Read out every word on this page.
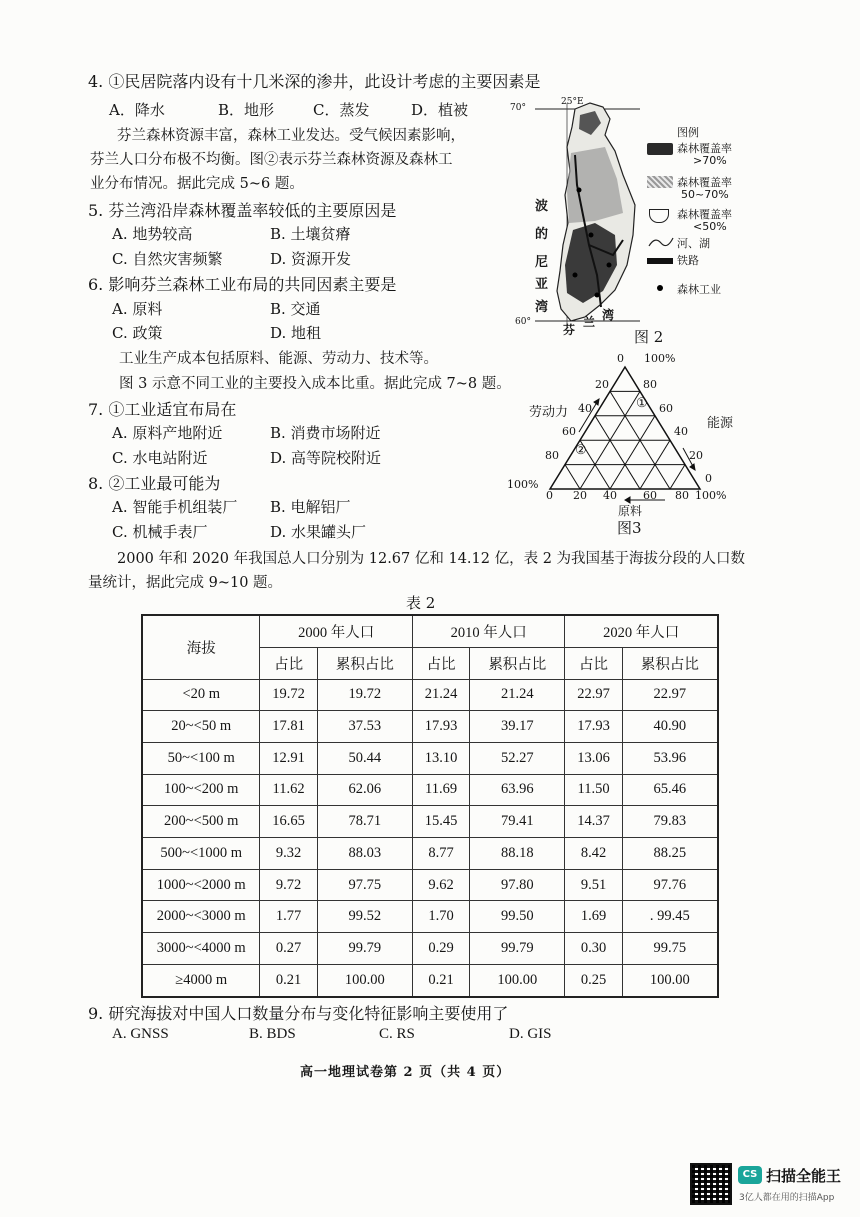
4. ①民居院落内设有十几米深的渗井，此设计考虑的主要因素是
A．降水	B．地形	C．蒸发	D．植被
芬兰森林资源丰富，森林工业发达。受气候因素影响，
芬兰人口分布极不均衡。图②表示芬兰森林资源及森林工
业分布情况。据此完成 5~6 题。
5. 芬兰湾沿岸森林覆盖率较低的主要原因是
A. 地势较高	B. 土壤贫瘠
C. 自然灾害频繁	D. 资源开发
6. 影响芬兰森林工业布局的共同因素主要是
A. 原料	B. 交通
C. 政策	D. 地租
工业生产成本包括原料、能源、劳动力、技术等。
图 3 示意不同工业的主要投入成本比重。据此完成 7~8 题。
7. ①工业适宜布局在
A. 原料产地附近	B. 消费市场附近
C. 水电站附近	D. 高等院校附近
8. ②工业最可能为
A. 智能手机组装厂 B. 电解铝厂
C. 机械手表厂	D. 水果罐头厂
2000 年和 2020 年我国总人口分别为 12.67 亿和 14.12 亿，表 2 为我国基于海拔分段的人口数
量统计，据此完成 9~10 题。
表 2
海拔	2000 年人口		2010 年人口		2020 年人口	
	占比	累积占比	占比	累积占比	占比	累积占比
<20 m	19.72	19.72	21.24	21.24	22.97	22.97
20~<50 m	17.81	37.53	17.93	39.17	17.93	40.90
50~<100 m	12.91	50.44	13.10	52.27	13.06	53.96
100~<200 m	11.62	62.06	11.69	63.96	11.50	65.46
200~<500 m	16.65	78.71	15.45	79.41	14.37	79.83
500~<1000 m	9.32	88.03	8.77	88.18	8.42	88.25
1000~<2000 m	9.72	97.75	9.62	97.80	9.51	97.76
2000~<3000 m	1.77	99.52	1.70	99.50	1.69	. 99.45
3000~<4000 m	0.27	99.79	0.29	99.79	0.30	99.75
≥4000 m	0.21	100.00	0.21	100.00	0.25	100.00
9. 研究海拔对中国人口数量分布与变化特征影响主要使用了
A. GNSS	B. BDS	C. RS	D. GIS
高一地理试卷第 2 页（共 4 页）
70°
25°E
60°
波
的
尼
亚
湾
芬
兰 湾
图 2
图例
森林覆盖率
>70%
森林覆盖率
50~70%
森林覆盖率
<50%
河、湖
铁路
森林工业
0 100%
20
40
60
80
100%
80
60
40
20
0
0 20 40 60 80 100%
劳动力
能源
原料
①
②
图3
CS 扫描全能王
3亿人都在用的扫描App
